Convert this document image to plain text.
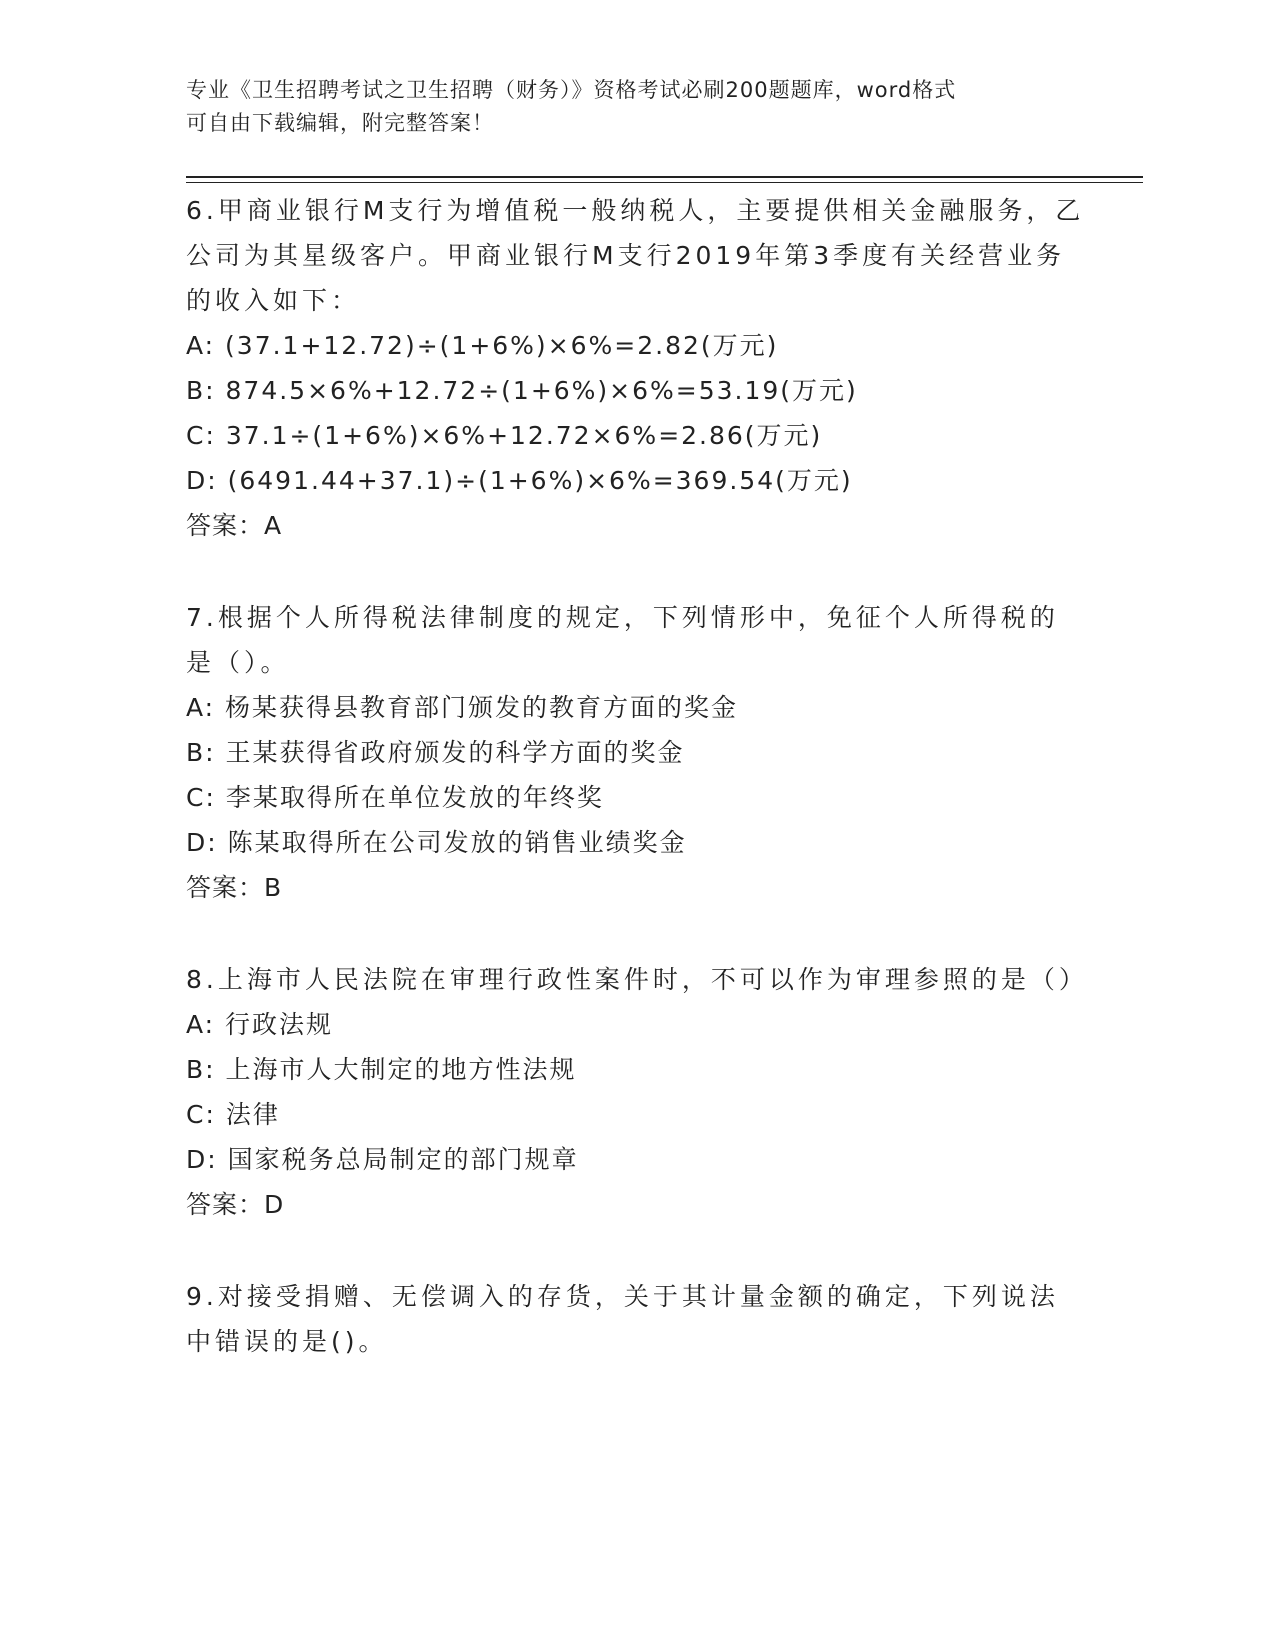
专业《卫生招聘考试之卫生招聘（财务）》资格考试必刷200题题库，word格式
可自由下载编辑，附完整答案！

6.甲商业银行M支行为增值税一般纳税人，主要提供相关金融服务，乙公司为其星级客户。甲商业银行M支行2019年第3季度有关经营业务的收入如下：

A: (37.1+12.72)÷(1+6%)×6%=2.82(万元)

B: 874.5×6%+12.72÷(1+6%)×6%=53.19(万元)

C: 37.1÷(1+6%)×6%+12.72×6%=2.86(万元)

D: (6491.44+37.1)÷(1+6%)×6%=369.54(万元)

答案：A

7.根据个人所得税法律制度的规定，下列情形中，免征个人所得税的是（）。

A: 杨某获得县教育部门颁发的教育方面的奖金

B: 王某获得省政府颁发的科学方面的奖金

C: 李某取得所在单位发放的年终奖

D: 陈某取得所在公司发放的销售业绩奖金

答案：B

8.上海市人民法院在审理行政性案件时，不可以作为审理参照的是（）

A: 行政法规

B: 上海市人大制定的地方性法规

C: 法律

D: 国家税务总局制定的部门规章

答案：D

9.对接受捐赠、无偿调入的存货，关于其计量金额的确定，下列说法中错误的是()。
